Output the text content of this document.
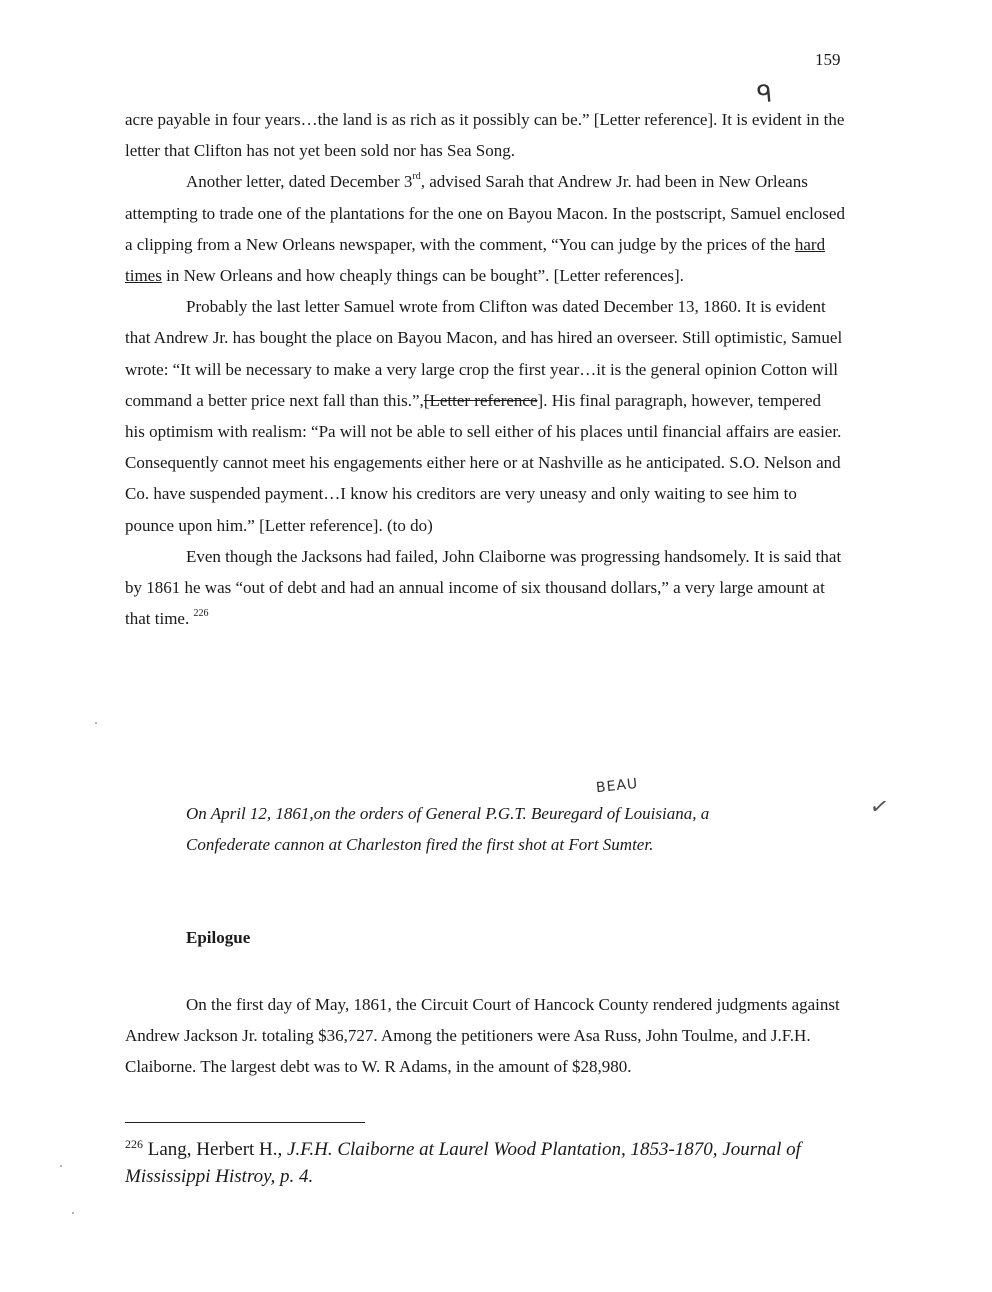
159
ᑫ

acre payable in four years…the land is as rich as it possibly can be.” [Letter reference]. It is evident in the letter that Clifton has not yet been sold nor has Sea Song.

Another letter, dated December 3rd, advised Sarah that Andrew Jr. had been in New Orleans attempting to trade one of the plantations for the one on Bayou Macon. In the postscript, Samuel enclosed a clipping from a New Orleans newspaper, with the comment, “You can judge by the prices of the hard times in New Orleans and how cheaply things can be bought”. [Letter references].

Probably the last letter Samuel wrote from Clifton was dated December 13, 1860. It is evident that Andrew Jr. has bought the place on Bayou Macon, and has hired an overseer. Still optimistic, Samuel wrote: “It will be necessary to make a very large crop the first year…it is the general opinion Cotton will command a better price next fall than this.”,[Letter reference]. His final paragraph, however, tempered his optimism with realism: “Pa will not be able to sell either of his places until financial affairs are easier. Consequently cannot meet his engagements either here or at Nashville as he anticipated. S.O. Nelson and Co. have suspended payment…I know his creditors are very uneasy and only waiting to see him to pounce upon him.” [Letter reference]. (to do)

Even though the Jacksons had failed, John Claiborne was progressing handsomely. It is said that by 1861 he was “out of debt and had an annual income of six thousand dollars,” a very large amount at that time. $^{226}$

BEAU
✓

On April 12, 1861,on the orders of General P.G.T. Beuregard of Louisiana, a

Confederate cannon at Charleston fired the first shot at Fort Sumter.

Epilogue

On the first day of May, 1861, the Circuit Court of Hancock County rendered judgments against Andrew Jackson Jr. totaling $36,727. Among the petitioners were Asa Russ, John Toulme, and J.F.H. Claiborne. The largest debt was to W. R Adams, in the amount of $28,980.

$^{226}$ Lang, Herbert H., J.F.H. Claiborne at Laurel Wood Plantation, 1853-1870, Journal of Mississippi Histroy, p. 4.
